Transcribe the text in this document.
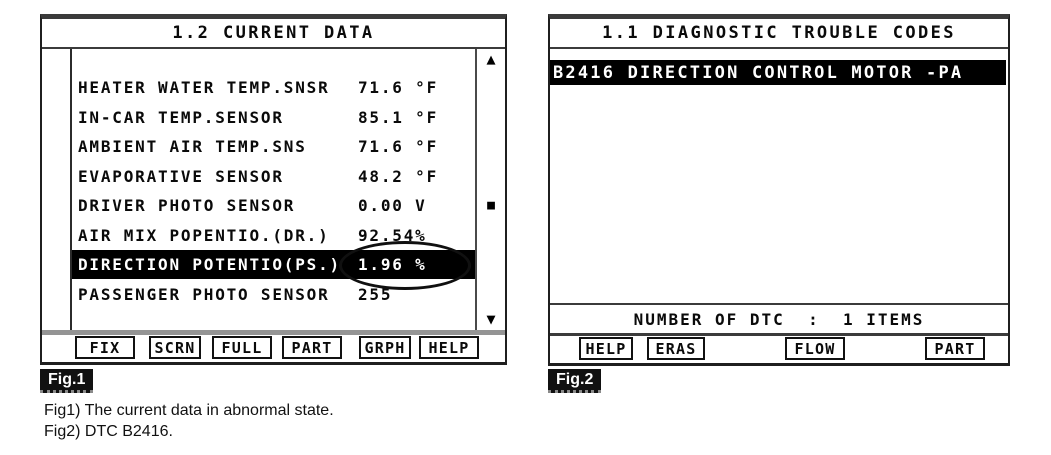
1.2 CURRENT DATA
HEATER WATER TEMP.SNSR 71.6 °F
IN-CAR TEMP.SENSOR	85.1 °F
AMBIENT AIR TEMP.SNS	71.6 °F
EVAPORATIVE SENSOR	48.2 °F
DRIVER PHOTO SENSOR	0.00 V
AIR MIX POPENTIO.(DR.) 92.54%
DIRECTION POTENTIO(PS.) 1.96 %
PASSENGER PHOTO SENSOR 255
▲
■
▼
FIX	SCRN	FULL	PART	GRPH	HELP
Fig.1
1.1 DIAGNOSTIC TROUBLE CODES
B2416 DIRECTION CONTROL MOTOR -PA
NUMBER OF DTC  :  1 ITEMS
HELP	ERAS	FLOW	PART
Fig.2
Fig1) The current data in abnormal state.
Fig2) DTC B2416.
